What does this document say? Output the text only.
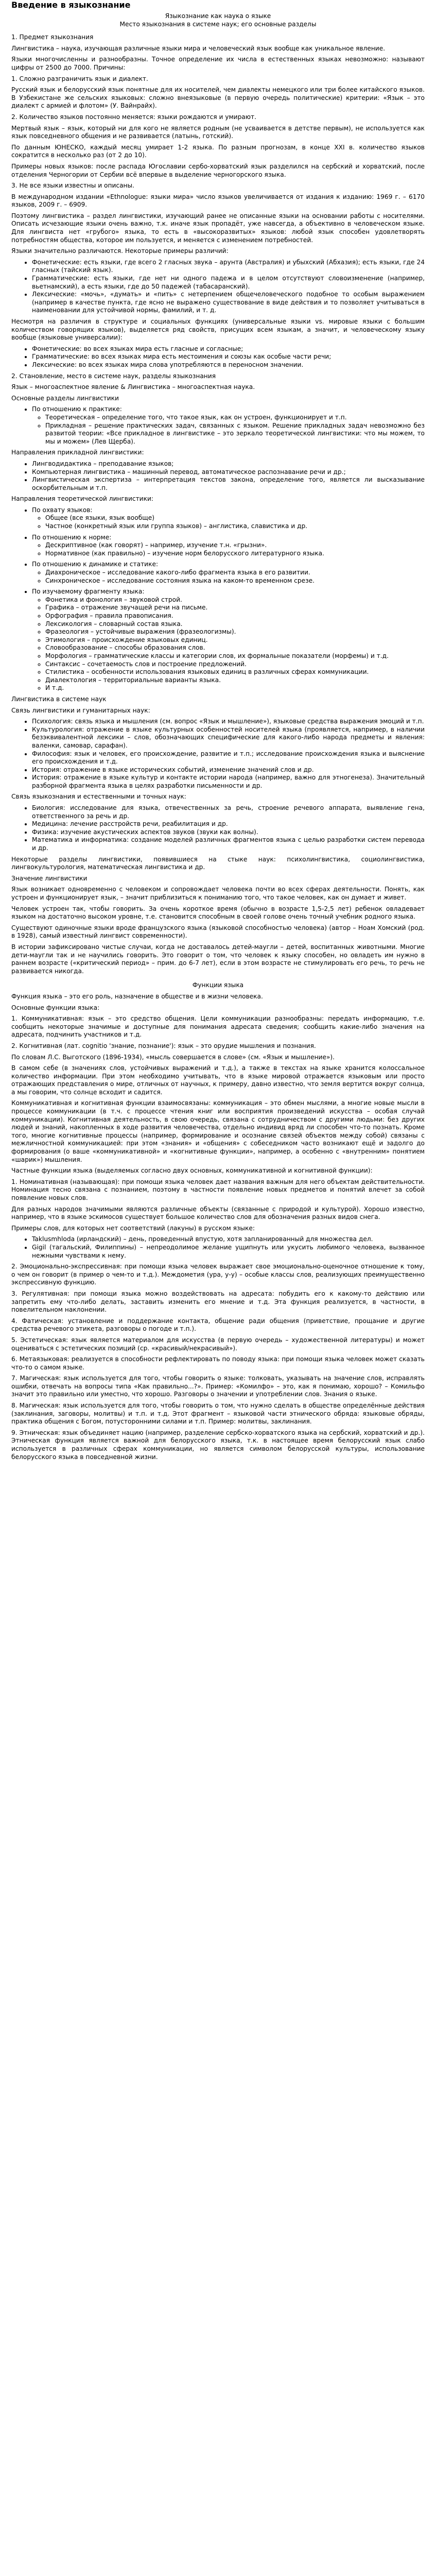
Введение в языкознание
Языкознание как наука о языке
Место языкознания в системе наук; его основные разделы

1. Предмет языкознания

Лингвистика – наука, изучающая различные языки мира и человеческий язык вообще как уникальное явление.

Языки многочисленны и разнообразны. Точное определение их числа в естественных языках невозможно: называют цифры от 2500 до 7000. Причины:

1. Сложно разграничить язык и диалект.

Русский язык и белорусский язык понятные для их носителей, чем диалекты немецкого или три более китайского языков. В Узбекистане же сельских языковых: сложно внеязыковые (в первую очередь политические) критерии: «Язык – это диалект с армией и флотом» (У. Вайнрайх).

2. Количество языков постоянно меняется: языки рождаются и умирают.

Мертвый язык – язык, который ни для кого не является родным (не усваивается в детстве первым), не используется как язык повседневного общения и не развивается (латынь, готский).

По данным ЮНЕСКО, каждый месяц умирает 1-2 языка. По разным прогнозам, в конце XXI в. количество языков сократится в несколько раз (от 2 до 10).

Примеры новых языков: после распада Югославии сербо-хорватский язык разделился на сербский и хорватский, после отделения Черногории от Сербии всё впервые в выделение черногорского языка.

3. Не все языки известны и описаны.

В международном издании «Ethnologue: языки мира» число языков увеличивается от издания к изданию: 1969 г. – 6170 языков, 2009 г. – 6909.

Поэтому лингвистика – раздел лингвистики, изучающий ранее не описанные языки на основании работы с носителями. Описать исчезающие языки очень важно, т.к. иначе язык пропадёт, уже навсегда, а объективно в человеческом языке. Для лингвиста нет «грубого» языка, то есть в «высокоразвитых» языков: любой язык способен удовлетворять потребностям общества, которое им пользуется, и меняется с изменением потребностей.

Языки значительно различаются. Некоторые примеры различий:

• Фонетические: есть языки, где всего 2 гласных звука – арунта (Австралия) и убыхский (Абхазия); есть языки, где 24 гласных (тайский язык).
• Грамматические: есть языки, где нет ни одного падежа и в целом отсутствуют словоизменение (например, вьетнамский), а есть языки, где до 50 падежей (табасаранский).
• Лексические: «мочь», «думать» и «пить» с нетерпением общечеловеческого подобное то особым выражением (например в качестве пункта, где ясно не выражено существование в виде действия и то позволяет учитываться в наименовании для устойчивой нормы, фамилий, и т. д.

Несмотря на различия в структуре и социальных функциях (универсальные языки vs. мировые языки с большим количеством говорящих языков), выделяется ряд свойств, присущих всем языкам, а значит, и человеческому языку вообще (языковые универсалии):

• Фонетические: во всех языках мира есть гласные и согласные;
• Грамматические: во всех языках мира есть местоимения и союзы как особые части речи;
• Лексические: во всех языках мира слова употребляются в переносном значении.

2. Становление, место в системе наук, разделы языкознания

Язык – многоаспектное явление & Лингвистика – многоаспектная наука.

Основные разделы лингвистики

• По отношению к практике:
◦ Теоретическая – определение того, что такое язык, как он устроен, функционирует и т.п.
◦ Прикладная – решение практических задач, связанных с языком. Решение прикладных задач невозможно без развитой теории: «Все прикладное в лингвистике – это зеркало теоретической лингвистики: что мы можем, то мы и можем» (Лев Щерба).

Направления прикладной лингвистики:

• Лингводидактика – преподавание языков;
• Компьютерная лингвистика – машинный перевод, автоматическое распознавание речи и др.;
• Лингвистическая экспертиза – интерпретация текстов закона, определение того, является ли высказывание оскорбительным и т.п.

Направления теоретической лингвистики:

• По охвату языков:
◦ Общее (все языки, язык вообще)
◦ Частное (конкретный язык или группа языков) – англистика, славистика и др.
• По отношению к норме:
◦ Дескриптивное (как говорят) – например, изучение т.н. «грызни».
◦ Нормативное (как правильно) – изучение норм белорусского литературного языка.
• По отношению к динамике и статике:
◦ Диахроническое – исследование какого-либо фрагмента языка в его развитии.
◦ Синхроническое – исследование состояния языка на каком-то временном срезе.
• По изучаемому фрагменту языка:
◦ Фонетика и фонология – звуковой строй.
◦ Графика – отражение звучащей речи на письме.
◦ Орфография – правила правописания.
◦ Лексикология – словарный состав языка.
◦ Фразеология – устойчивые выражения (фразеологизмы).
◦ Этимология – происхождение языковых единиц.
◦ Словообразование – способы образования слов.
◦ Морфология – грамматические классы и категории слов, их формальные показатели (морфемы) и т.д.
◦ Синтаксис – сочетаемость слов и построение предложений.
◦ Стилистика – особенности использования языковых единиц в различных сферах коммуникации.
◦ Диалектология – территориальные варианты языка.
◦ И т.д.

Лингвистика в системе наук

Связь лингвистики и гуманитарных наук:

• Психология: связь языка и мышления (см. вопрос «Язык и мышление»), языковые средства выражения эмоций и т.п.
• Культурология: отражение в языке культурных особенностей носителей языка (проявляется, например, в наличии безэквивалентной лексики – слов, обозначающих специфические для какого-либо народа предметы и явления: валенки, самовар, сарафан).
• Философия: язык и человек, его происхождение, развитие и т.п.; исследование происхождения языка и выяснение его происхождения и т.д.
• История: отражение в языке исторических событий, изменение значений слов и др.
• История: отражение в языке культур и контакте истории народа (например, важно для этногенеза). Значительный разборной фрагмента языка в целях разработки письменности и др.

Связь языкознания и естественными и точных наук:

• Биология: исследование для языка, отвечественных за речь, строение речевого аппарата, выявление гена, ответственного за речь и др.
• Медицина: лечение расстройств речи, реабилитация и др.
• Физика: изучение акустических аспектов звуков (звуки как волны).
• Математика и информатика: создание моделей различных фрагментов языка с целью разработки систем перевода и др.

Некоторые разделы лингвистики, появившиеся на стыке наук: психолингвистика, социолингвистика, лингвокультурология, математическая лингвистика и др.

Значение лингвистики

Язык возникает одновременно с человеком и сопровождает человека почти во всех сферах деятельности. Понять, как устроен и функционирует язык, – значит приблизиться к пониманию того, что такое человек, как он думает и живет.

Человек устроен так, чтобы говорить. За очень короткое время (обычно в возрасте 1,5-2,5 лет) ребенок овладевает языком на достаточно высоком уровне, т.е. становится способным в своей голове очень точный учебник родного языка.

Существуют одиночные языки вроде французского языка (языковой способностью человека) (автор – Ноам Хомский (род. в 1928), самый известный лингвист современности).

В истории зафиксировано чистые случаи, когда не доставалось детей-маугли – детей, воспитанных животными. Многие дети-маугли так и не научились говорить. Это говорит о том, что человек к языку способен, но овладеть им нужно в раннем возрасте («критический период» – прим. до 6-7 лет), если в этом возрасте не стимулировать его речь, то речь не развивается никогда.

Функции языка

Функция языка – это его роль, назначение в обществе и в жизни человека.

Основные функции языка:

1. Коммуникативная: язык – это средство общения. Цели коммуникации разнообразны: передать информацию, т.е. сообщить некоторые значимые и доступные для понимания адресата сведения; сообщить какие-либо значения на адресата, подчинить участников и т.д.

2. Когнитивная (лат. cognitio 'знание, познание'): язык – это орудие мышления и познания.

По словам Л.С. Выготского (1896-1934), «мысль совершается в слове» (см. «Язык и мышление»).

В самом себе (в значениях слов, устойчивых выражений и т.д.), а также в текстах на языке хранится колоссальное количество информации. При этом необходимо учитывать, что в языке мировой отражается языковым или просто отражающих представления о мире, отличных от научных, к примеру, давно известно, что земля вертится вокруг солнца, а мы говорим, что солнце всходит и садится.

Коммуникативная и когнитивная функции взаимосвязаны: коммуникация – это обмен мыслями, а многие новые мысли в процессе коммуникации (в т.ч. с процессе чтения книг или восприятия произведений искусства – особая случай коммуникации). Когнитивная деятельность, в свою очередь, связана с сотрудничеством с другими людьми: без других людей и знаний, накопленных в ходе развития человечества, отдельно индивид вряд ли способен что-то познать. Кроме того, многие когнитивные процессы (например, формирование и осознание связей объектов между собой) связаны с межличностной коммуникацией: при этом «знания» и «общения» с собеседником часто возникают ещё и задолго до формирования (о ваше «коммуникативной» и «когнитивные функции», например, а особенно с «внутренним» понятием «шарик») мышления.

Частные функции языка (выделяемых согласно двух основных, коммуникативной и когнитивной функции):

1. Номинативная (называющая): при помощи языка человек дает названия важным для него объектам действительности. Номинация тесно связана с познанием, поэтому в частности появление новых предметов и понятий влечет за собой появление новых слов.

Для разных народов значимыми являются различные объекты (связанные с природой и культурой). Хорошо известно, например, что в языке эскимосов существует большое количество слов для обозначения разных видов снега.

Примеры слов, для которых нет соответствий (лакуны) в русском языке:

• Taklusmhloda (ирландский) – день, проведенный впустую, хотя запланированный для множества дел.
• Gigil (тагальский, Филиппины) – непреодолимое желание ущипнуть или укусить любимого человека, вызванное нежными чувствами к нему.

2. Эмоционально-экспрессивная: при помощи языка человек выражает свое эмоционально-оценочное отношение к тому, о чем он говорит (в пример о чем-то и т.д.). Междометия (ура, у-у) – особые классы слов, реализующих преимущественно экспрессивную функцию.

3. Регулятивная: при помощи языка можно воздействовать на адресата: побудить его к какому-то действию или запретить ему что-либо делать, заставить изменить его мнение и т.д. Эта функция реализуется, в частности, в повелительном наклонении.

4. Фатическая: установление и поддержание контакта, общение ради общения (приветствие, прощание и другие средства речевого этикета, разговоры о погоде и т.п.).

5. Эстетическая: язык является материалом для искусства (в первую очередь – художественной литературы) и может оцениваться с эстетических позиций (ср. «красивый/некрасивый»).

6. Метаязыковая: реализуется в способности рефлектировать по поводу языка: при помощи языка человек может сказать что-то о самом языке.

7. Магическая: язык используется для того, чтобы говорить о языке: толковать, указывать на значение слов, исправлять ошибки, отвечать на вопросы типа «Как правильно...?». Пример: «Комилфо» – это, как я понимаю, хорошо? – Комильфо значит это правильно или уместно, что хорошо. Разговоры о значении и употреблении слов. Знания о языке.

8. Магическая: язык используется для того, чтобы говорить о том, что нужно сделать в обществе определённые действия (заклинания, заговоры, молитвы) и т.п. и т.д. Этот фрагмент – языковой части этнического обряда: языковые обряды, практика общения с Богом, потусторонними силами и т.п. Пример: молитвы, заклинания.

9. Этническая: язык объединяет нацию (например, разделение сербско-хорватского языка на сербский, хорватский и др.). Этническая функция является важной для белорусского языка, т.к. в настоящее время белорусский язык слабо используется в различных сферах коммуникации, но является символом белорусской культуры, использование белорусского языка в повседневной жизни.
